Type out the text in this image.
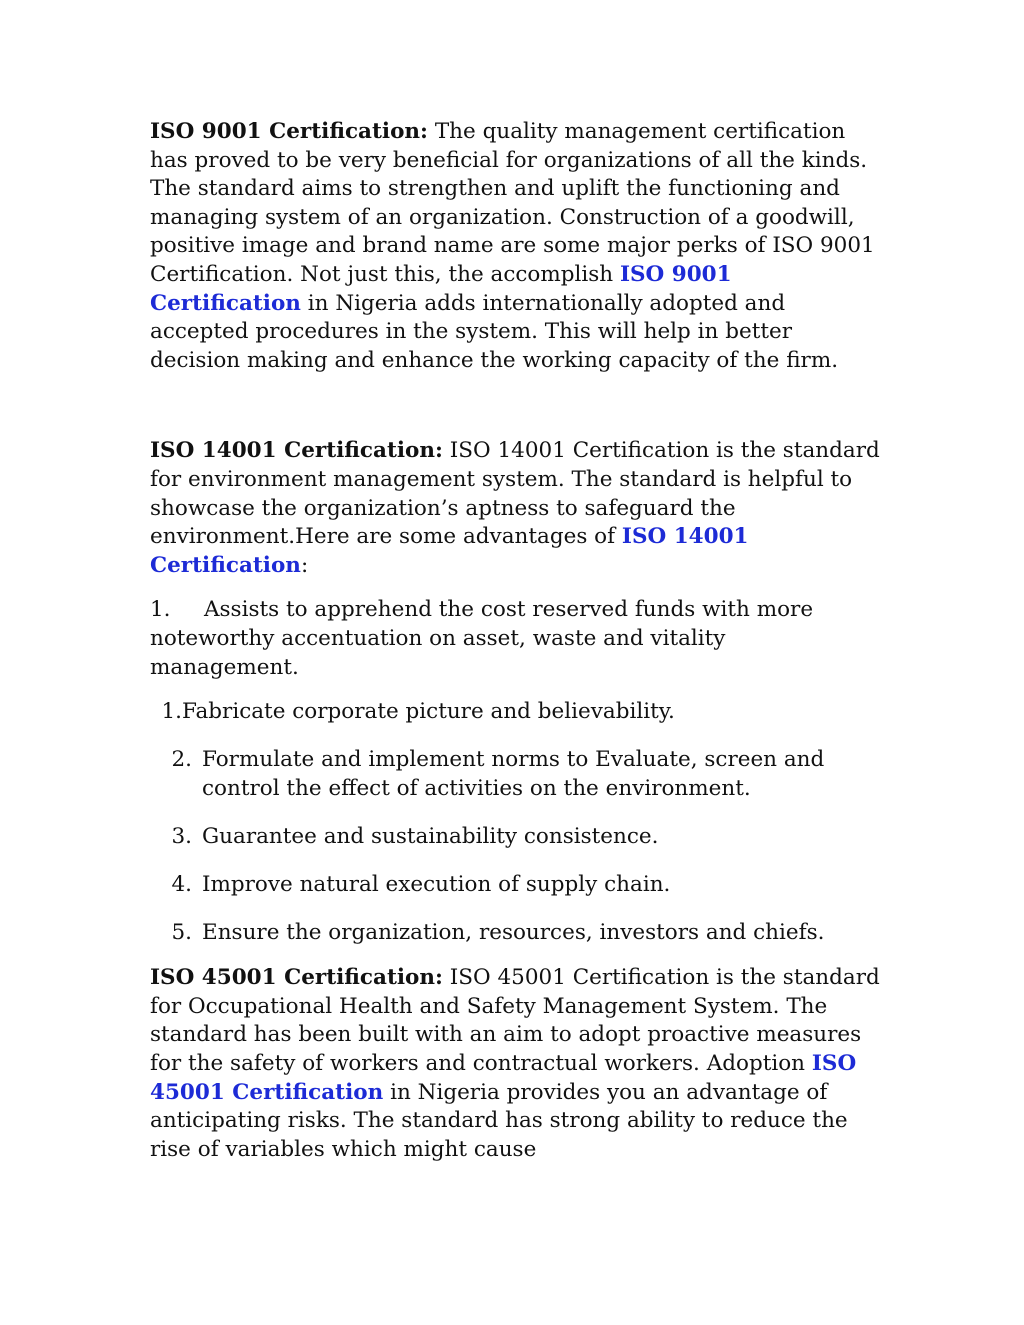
ISO 9001 Certification: The quality management certification has proved to be very beneficial for organizations of all the kinds. The standard aims to strengthen and uplift the functioning and managing system of an organization. Construction of a goodwill, positive image and brand name are some major perks of ISO 9001 Certification. Not just this, the accomplish ISO 9001 Certification in Nigeria adds internationally adopted and accepted procedures in the system. This will help in better decision making and enhance the working capacity of the firm.

ISO 14001 Certification: ISO 14001 Certification is the standard for environment management system. The standard is helpful to showcase the organization’s aptness to safeguard the environment.Here are some advantages of ISO 14001 Certification:

1. Assists to apprehend the cost reserved funds with more noteworthy accentuation on asset, waste and vitality management.

1. Fabricate corporate picture and believability.
2. Formulate and implement norms to Evaluate, screen and control the effect of activities on the environment.
3. Guarantee and sustainability consistence.
4. Improve natural execution of supply chain.
5. Ensure the organization, resources, investors and chiefs.

ISO 45001 Certification: ISO 45001 Certification is the standard for Occupational Health and Safety Management System. The standard has been built with an aim to adopt proactive measures for the safety of workers and contractual workers. Adoption ISO 45001 Certification in Nigeria provides you an advantage of anticipating risks. The standard has strong ability to reduce the rise of variables which might cause
